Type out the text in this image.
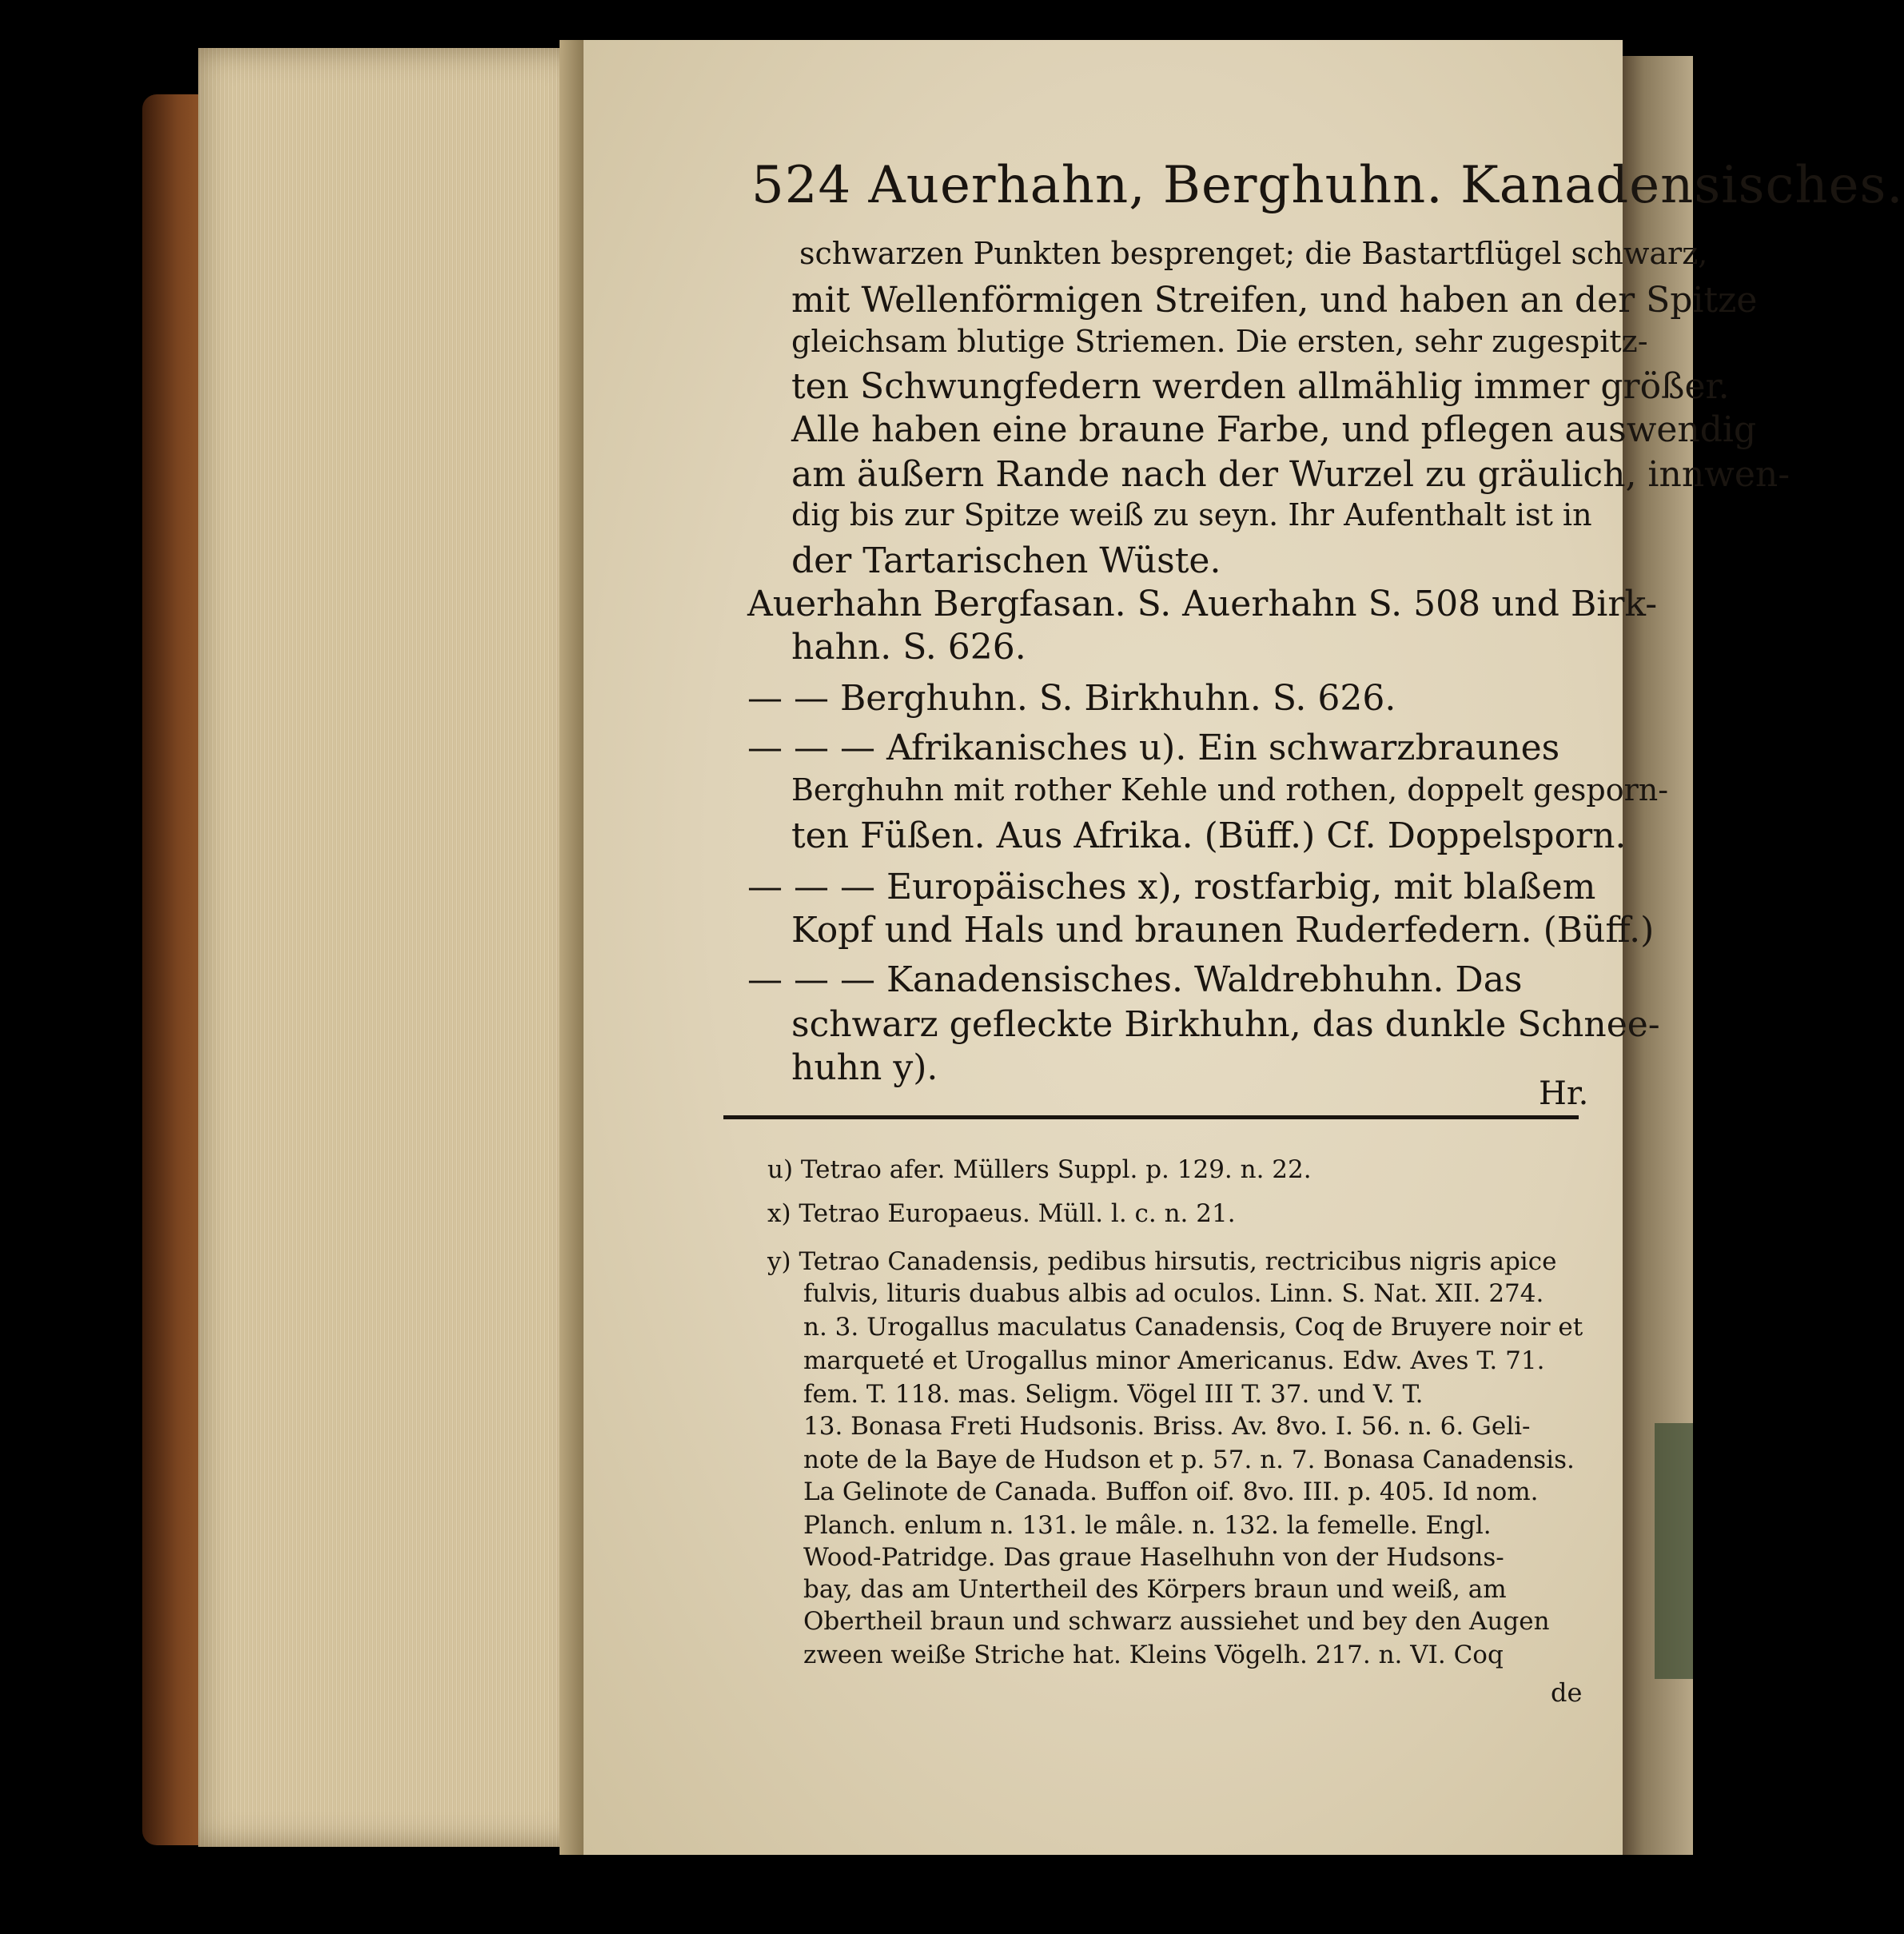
524 Auerhahn, Berghuhn. Kanadensisches.
schwarzen Punkten besprenget; die Bastartflügel schwarz,
mit Wellenförmigen Streifen, und haben an der Spitze
gleichsam blutige Striemen. Die ersten, sehr zugespitz-
ten Schwungfedern werden allmählig immer größer.
Alle haben eine braune Farbe, und pflegen auswendig
am äußern Rande nach der Wurzel zu gräulich, innwen-
dig bis zur Spitze weiß zu seyn. Ihr Aufenthalt ist in
der Tartarischen Wüste.
Auerhahn Bergfasan. S. Auerhahn S. 508 und Birk-
hahn. S. 626.
— — Berghuhn. S. Birkhuhn. S. 626.
— — — Afrikanisches u). Ein schwarzbraunes
Berghuhn mit rother Kehle und rothen, doppelt gesporn-
ten Füßen. Aus Afrika. (Büff.) Cf. Doppelsporn.
— — — Europäisches x), rostfarbig, mit blaßem
Kopf und Hals und braunen Ruderfedern. (Büff.)
— — — Kanadensisches. Waldrebhuhn. Das
schwarz gefleckte Birkhuhn, das dunkle Schnee-
huhn y).
Hr.
u) Tetrao afer. Müllers Suppl. p. 129. n. 22.
x) Tetrao Europaeus. Müll. l. c. n. 21.
y) Tetrao Canadensis, pedibus hirsutis, rectricibus nigris apice
fulvis, lituris duabus albis ad oculos. Linn. S. Nat. XII. 274.
n. 3. Urogallus maculatus Canadensis, Coq de Bruyere noir et
marqueté et Urogallus minor Americanus. Edw. Aves T. 71.
fem. T. 118. mas. Seligm. Vögel III T. 37. und V. T.
13. Bonasa Freti Hudsonis. Briss. Av. 8vo. I. 56. n. 6. Geli-
note de la Baye de Hudson et p. 57. n. 7. Bonasa Canadensis.
La Gelinote de Canada. Buffon oif. 8vo. III. p. 405. Id nom.
Planch. enlum n. 131. le mâle. n. 132. la femelle. Engl.
Wood-Patridge. Das graue Haselhuhn von der Hudsons-
bay, das am Untertheil des Körpers braun und weiß, am
Obertheil braun und schwarz aussiehet und bey den Augen
zween weiße Striche hat. Kleins Vögelh. 217. n. VI. Coq
de
